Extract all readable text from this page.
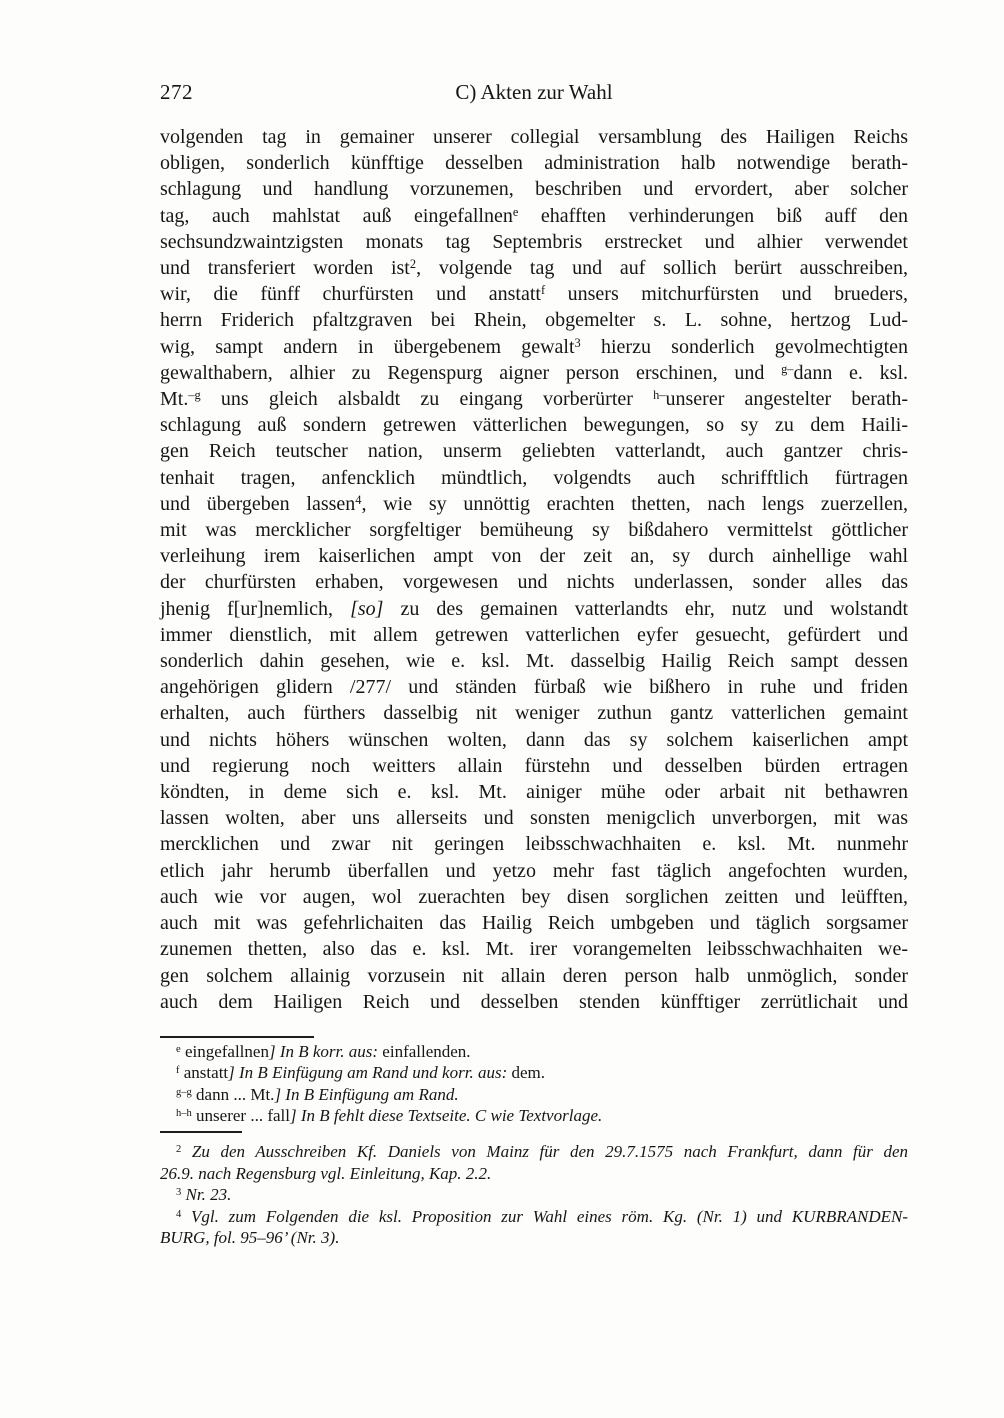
272	C) Akten zur Wahl
volgenden tag in gemainer unserer collegial versamblung des Hailigen Reichs
obligen, sonderlich künfftige desselben administration halb notwendige berath-
schlagung und handlung vorzunemen, beschriben und ervordert, aber solcher
tag, auch mahlstat auß eingefallnen$^e$ ehafften verhinderungen biß auff den
sechsundzwaintzigsten monats tag Septembris erstrecket und alhier verwendet
und transferiert worden ist$^2$, volgende tag und auf sollich berürt ausschreiben,
wir, die fünff churfürsten und anstatt$^f$ unsers mitchurfürsten und brueders,
herrn Friderich pfaltzgraven bei Rhein, obgemelter s. L. sohne, hertzog Lud-
wig, sampt andern in übergebenem gewalt$^3$ hierzu sonderlich gevolmechtigten
gewalthabern, alhier zu Regenspurg aigner person erschinen, und $^{g-}$dann e. ksl.
Mt.$^{-g}$ uns gleich alsbaldt zu eingang vorberürter $^{h-}$unserer angestelter berath-
schlagung auß sondern getrewen vätterlichen bewegungen, so sy zu dem Haili-
gen Reich teutscher nation, unserm geliebten vatterlandt, auch gantzer chris-
tenhait tragen, anfencklich mündtlich, volgendts auch schrifftlich fürtragen
und übergeben lassen$^4$, wie sy unnöttig erachten thetten, nach lengs zuerzellen,
mit was mercklicher sorgfeltiger bemüheung sy bißdahero vermittelst göttlicher
verleihung irem kaiserlichen ampt von der zeit an, sy durch ainhellige wahl
der churfürsten erhaben, vorgewesen und nichts underlassen, sonder alles das
jhenig f[ur]nemlich, [so] zu des gemainen vatterlandts ehr, nutz und wolstandt
immer dienstlich, mit allem getrewen vatterlichen eyfer gesuecht, gefürdert und
sonderlich dahin gesehen, wie e. ksl. Mt. dasselbig Hailig Reich sampt dessen
angehörigen glidern /277/ und ständen fürbaß wie bißhero in ruhe und friden
erhalten, auch fürthers dasselbig nit weniger zuthun gantz vatterlichen gemaint
und nichts höhers wünschen wolten, dann das sy solchem kaiserlichen ampt
und regierung noch weitters allain fürstehn und desselben bürden ertragen
köndten, in deme sich e. ksl. Mt. ainiger mühe oder arbait nit bethawren
lassen wolten, aber uns allerseits und sonsten menigclich unverborgen, mit was
mercklichen und zwar nit geringen leibsschwachhaiten e. ksl. Mt. nunmehr
etlich jahr herumb überfallen und yetzo mehr fast täglich angefochten wurden,
auch wie vor augen, wol zuerachten bey disen sorglichen zeitten und leüfften,
auch mit was gefehrlichaiten das Hailig Reich umbgeben und täglich sorgsamer
zunemen thetten, also das e. ksl. Mt. irer vorangemelten leibsschwachhaiten we-
gen solchem allainig vorzusein nit allain deren person halb unmöglich, sonder
auch dem Hailigen Reich und desselben stenden künfftiger zerrütlichait und
$^e$ eingefallnen] In B korr. aus: einfallenden.
$^f$ anstatt] In B Einfügung am Rand und korr. aus: dem.
$^{g-g}$ dann ... Mt.] In B Einfügung am Rand.
$^{h-h}$ unserer ... fall] In B fehlt diese Textseite. C wie Textvorlage.
$^2$ Zu den Ausschreiben Kf. Daniels von Mainz für den 29.7.1575 nach Frankfurt, dann für den
26.9. nach Regensburg vgl. Einleitung, Kap. 2.2.
$^3$ Nr. 23.
$^4$ Vgl. zum Folgenden die ksl. Proposition zur Wahl eines röm. Kg. (Nr. 1) und KURBRANDEN-
BURG, fol. 95–96’ (Nr. 3).
